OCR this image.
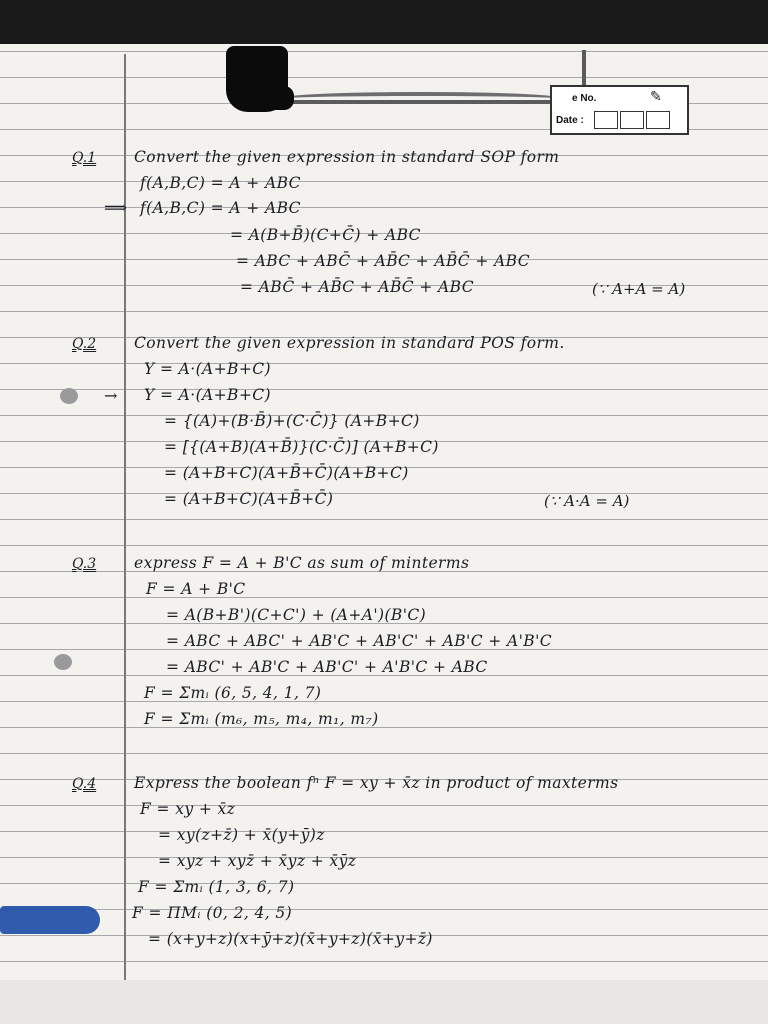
Q.1 Convert the given expression in standard SOP form
f(A,B,C) = A + ABC
⟹ f(A,B,C) = A + ABC
= A(B+B̄)(C+C̄) + ABC
= ABC + ABC̄ + AB̄C + AB̄C̄ + ABC
= ABC̄ + AB̄C + AB̄C̄ + ABC	(∵ A+A = A)
Q.2 Convert the given expression in standard POS form.
Y = A·(A+B+C)
→ Y = A·(A+B+C)
= {(A)+(B·B̄)+(C·C̄)} (A+B+C)
= [{(A+B)(A+B̄)}(C·C̄)] (A+B+C)
= (A+B+C)(A+B̄+C̄)(A+B+C)
= (A+B+C)(A+B̄+C̄)	(∵ A·A = A)
Q.3 express F = A + B'C as sum of minterms
F = A + B'C
= A(B+B')(C+C') + (A+A')(B'C)
= ABC + ABC' + AB'C + AB'C' + AB'C + A'B'C
= ABC' + AB'C + AB'C' + A'B'C + ABC
F = Σmᵢ (6, 5, 4, 1, 7)
F = Σmᵢ (m₆, m₅, m₄, m₁, m₇)
Q.4 Express the boolean fⁿ F = xy + x̄z in product of maxterms
F = xy + x̄z
= xy(z+z̄) + x̄(y+ȳ)z
= xyz + xyz̄ + x̄yz + x̄ȳz
F = Σmᵢ (1, 3, 6, 7)
F = ΠMᵢ (0, 2, 4, 5)
= (x+y+z)(x+ȳ+z)(x̄+y+z)(x̄+y+z̄)
e No.	✎
Date :
